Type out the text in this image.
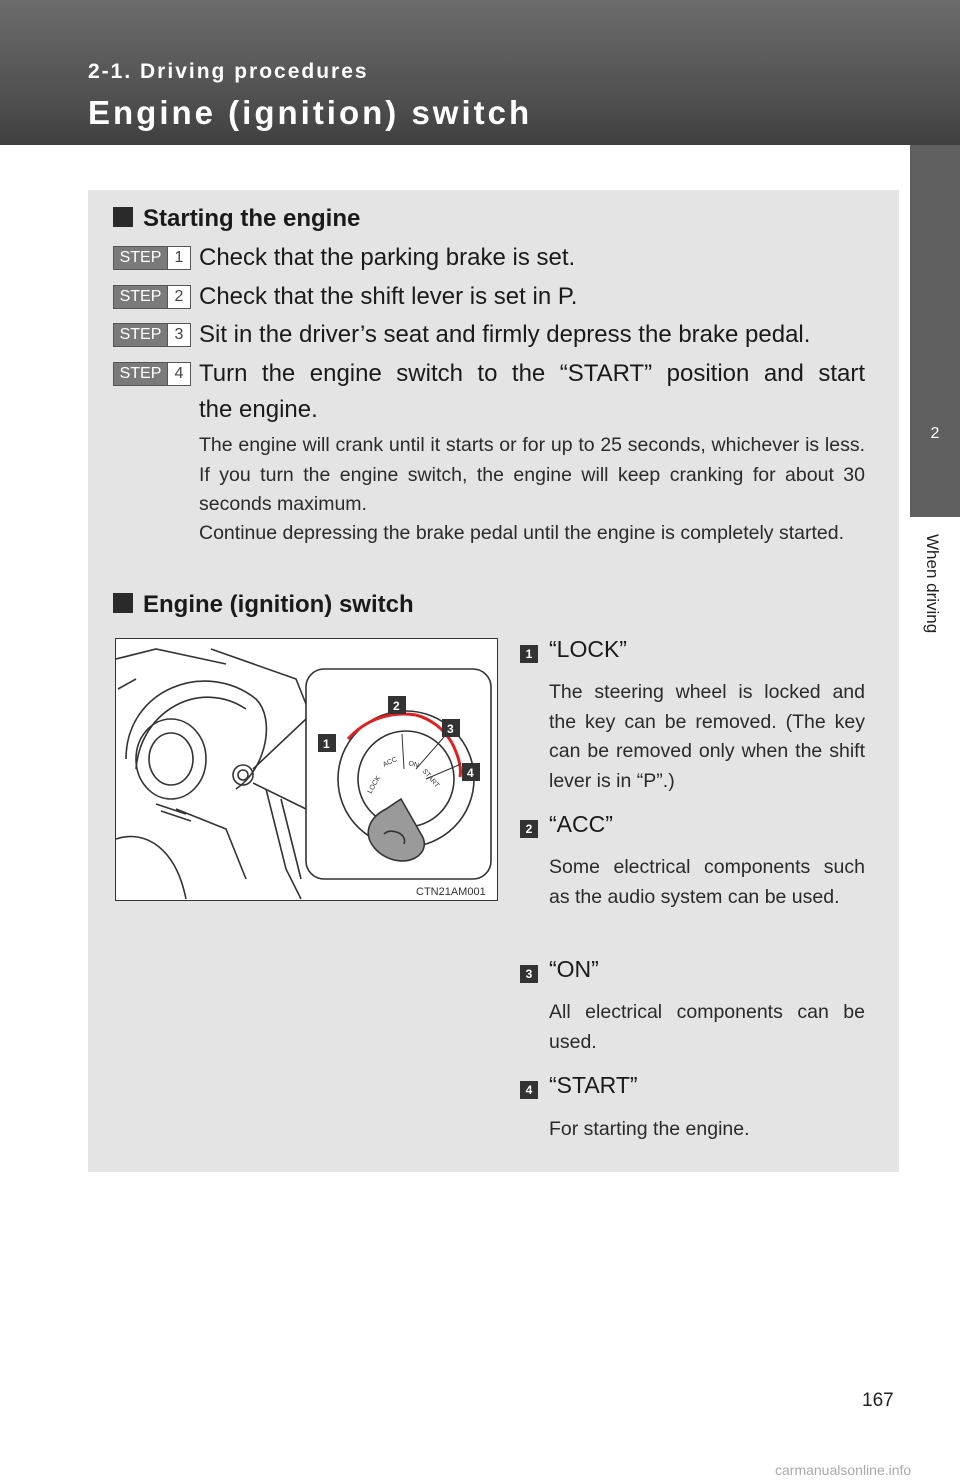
2-1. Driving procedures
Engine (ignition) switch
2
When driving
Starting the engine
STEP 1 Check that the parking brake is set.
STEP 2 Check that the shift lever is set in P.
STEP 3 Sit in the driver’s seat and firmly depress the brake pedal.
STEP 4 Turn the engine switch to the “START” position and start
the engine.
The engine will crank until it starts or for up to 25 seconds, whichever is less. If you turn the engine switch, the engine will keep cranking for about 30 seconds maximum.
Continue depressing the brake pedal until the engine is completely started.
Engine (ignition) switch
LOCK
ACC ON
START
1
2
3
4
CTN21AM001
1 “LOCK”
The steering wheel is locked and the key can be removed. (The key can be removed only when the shift lever is in “P”.)
2 “ACC”
Some electrical components such as the audio system can be used.
3 “ON”
All electrical components can be used.
4 “START”
For starting the engine.
167
carmanualsonline.info
